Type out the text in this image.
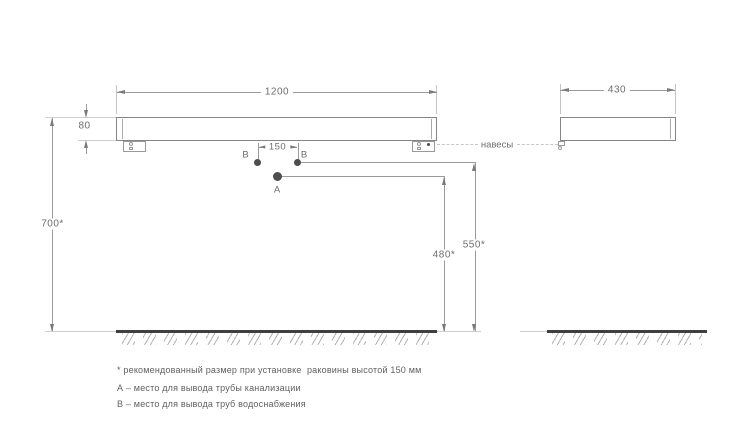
1200
80
700*
150
B	B
A
480*
550*
430
навесы
* рекомендованный размер при установке  раковины высотой 150 мм
А – место для вывода трубы канализации
В – место для вывода труб водоснабжения
